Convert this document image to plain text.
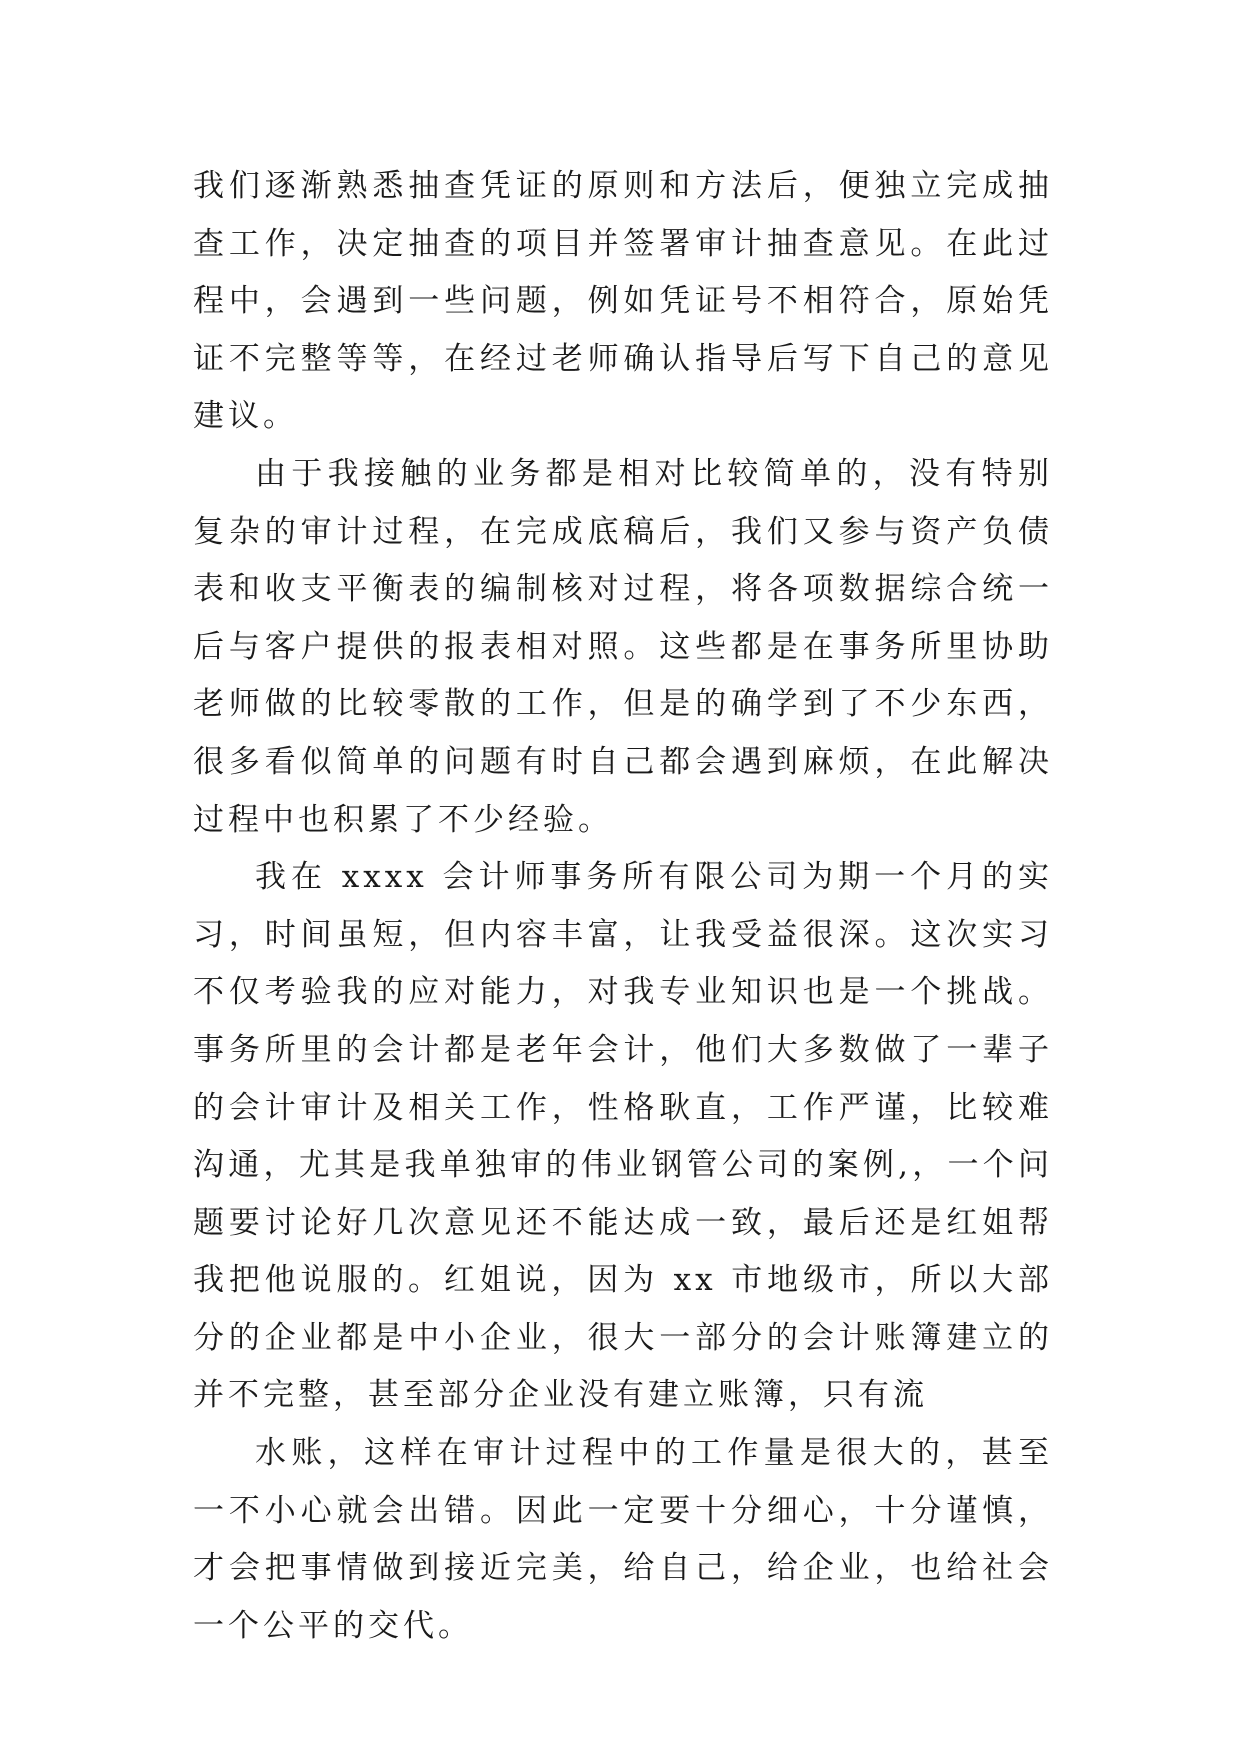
我们逐渐熟悉抽查凭证的原则和方法后，便独立完成抽查工作，决定抽查的项目并签署审计抽查意见。在此过程中，会遇到一些问题，例如凭证号不相符合，原始凭证不完整等等，在经过老师确认指导后写下自己的意见建议。

由于我接触的业务都是相对比较简单的，没有特别复杂的审计过程，在完成底稿后，我们又参与资产负债表和收支平衡表的编制核对过程，将各项数据综合统一后与客户提供的报表相对照。这些都是在事务所里协助老师做的比较零散的工作，但是的确学到了不少东西，很多看似简单的问题有时自己都会遇到麻烦，在此解决过程中也积累了不少经验。

我在 xxxx 会计师事务所有限公司为期一个月的实习，时间虽短，但内容丰富，让我受益很深。这次实习不仅考验我的应对能力，对我专业知识也是一个挑战。事务所里的会计都是老年会计，他们大多数做了一辈子的会计审计及相关工作，性格耿直，工作严谨，比较难沟通，尤其是我单独审的伟业钢管公司的案例,，一个问题要讨论好几次意见还不能达成一致，最后还是红姐帮我把他说服的。红姐说，因为 xx 市地级市，所以大部分的企业都是中小企业，很大一部分的会计账簿建立的并不完整，甚至部分企业没有建立账簿，只有流

水账，这样在审计过程中的工作量是很大的，甚至一不小心就会出错。因此一定要十分细心，十分谨慎，才会把事情做到接近完美，给自己，给企业，也给社会一个公平的交代。
